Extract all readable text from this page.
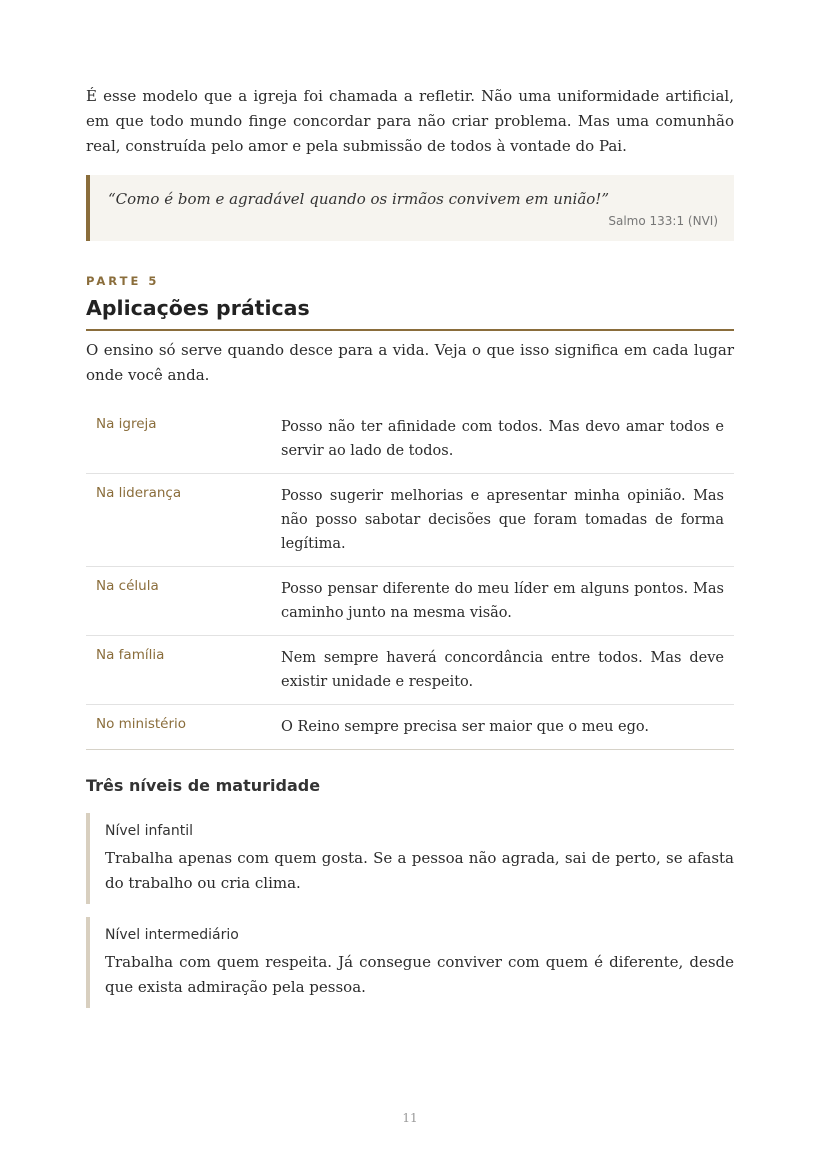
É esse modelo que a igreja foi chamada a refletir. Não uma uniformidade artificial, em que todo mundo finge concordar para não criar problema. Mas uma comunhão real, construída pelo amor e pela submissão de todos à vontade do Pai.

“Como é bom e agradável quando os irmãos convivem em união!”

Salmo 133:1 (NVI)
PARTE 5
Aplicações práticas

O ensino só serve quando desce para a vida. Veja o que isso significa em cada lugar onde você anda.

Na igreja	Posso não ter afinidade com todos. Mas devo amar todos e servir ao lado de todos.
Na liderança	Posso sugerir melhorias e apresentar minha opinião. Mas não posso sabotar decisões que foram tomadas de forma legítima.
Na célula	Posso pensar diferente do meu líder em alguns pontos. Mas caminho junto na mesma visão.
Na família	Nem sempre haverá concordância entre todos. Mas deve existir unidade e respeito.
No ministério	O Reino sempre precisa ser maior que o meu ego.
Três níveis de maturidade
Nível infantil

Trabalha apenas com quem gosta. Se a pessoa não agrada, sai de perto, se afasta do trabalho ou cria clima.

Nível intermediário

Trabalha com quem respeita. Já consegue conviver com quem é diferente, desde que exista admiração pela pessoa.

11
